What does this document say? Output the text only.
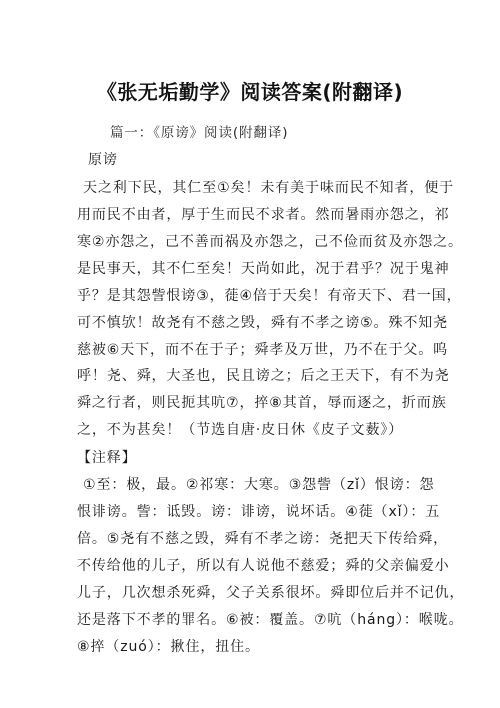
《张无垢勤学》阅读答案(附翻译)
篇一：《原谤》阅读(附翻译)
原谤
天之利下民，其仁至①矣！未有美于味而民不知者，便于
用而民不由者，厚于生而民不求者。然而暑雨亦怨之，祁
寒②亦怨之，己不善而祸及亦怨之，己不俭而贫及亦怨之。
是民事天，其不仁至矣！天尚如此，况于君乎？况于鬼神
乎？是其怨訾恨谤③，蓰④倍于天矣！有帝天下、君一国，
可不慎欤！故尧有不慈之毁，舜有不孝之谤⑤。殊不知尧
慈被⑥天下，而不在于子；舜孝及万世，乃不在于父。呜
呼！尧、舜，大圣也，民且谤之；后之王天下，有不为尧
舜之行者，则民扼其吭⑦，捽⑧其首，辱而逐之，折而族
之，不为甚矣！（节选自唐·皮日休《皮子文薮》）
【注释】
①至：极，最。②祁寒：大寒。③怨訾（zǐ）恨谤：怨
恨诽谤。訾：诋毁。谤：诽谤，说坏话。④蓰（xǐ）：五
倍。⑤尧有不慈之毁，舜有不孝之谤：尧把天下传给舜，
不传给他的儿子，所以有人说他不慈爱；舜的父亲偏爱小
儿子，几次想杀死舜，父子关系很坏。舜即位后并不记仇，
还是落下不孝的罪名。⑥被：覆盖。⑦吭（háng）：喉咙。
⑧捽（zuó）：揪住，扭住。
